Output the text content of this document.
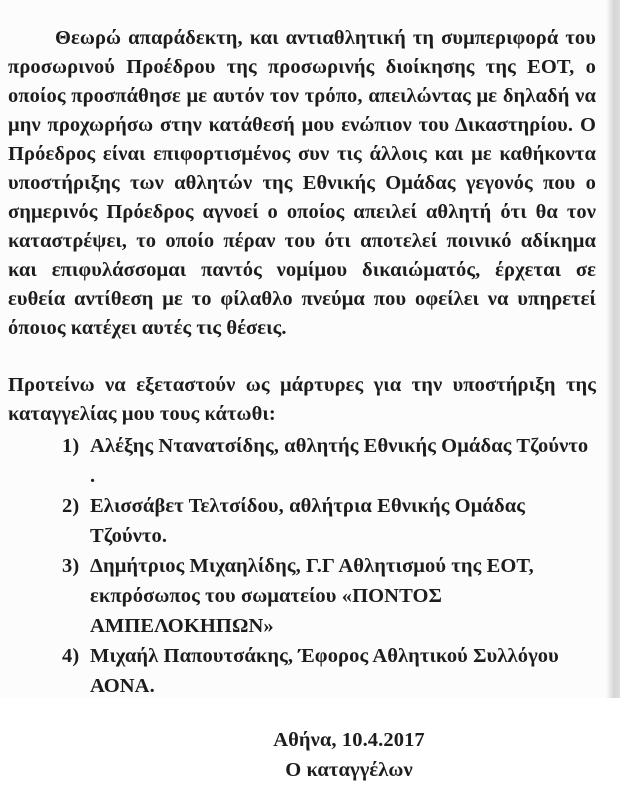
Θεωρώ απαράδεκτη, και αντιαθλητική τη συμπεριφορά του προσωρινού Προέδρου της προσωρινής διοίκησης της ΕΟΤ, ο οποίος προσπάθησε με αυτόν τον τρόπο, απειλώντας με δηλαδή να μην προχωρήσω στην κατάθεσή μου ενώπιον του Δικαστηρίου. Ο Πρόεδρος είναι επιφορτισμένος συν τις άλλοις και με καθήκοντα υποστήριξης των αθλητών της Εθνικής Ομάδας γεγονός που ο σημερινός Πρόεδρος αγνοεί ο οποίος απειλεί αθλητή ότι θα τον καταστρέψει, το οποίο πέραν του ότι αποτελεί ποινικό αδίκημα και επιφυλάσσομαι παντός νομίμου δικαιώματός, έρχεται σε ευθεία αντίθεση με το φίλαθλο πνεύμα που οφείλει να υπηρετεί όποιος κατέχει αυτές τις θέσεις.

Προτείνω να εξεταστούν ως μάρτυρες για την υποστήριξη της καταγγελίας μου τους κάτωθι:

1) Αλέξης Ντανατσίδης, αθλητής Εθνικής Ομάδας Τζούντο .
2) Ελισσάβετ Τελτσίδου, αθλήτρια Εθνικής Ομάδας Τζούντο.
3) Δημήτριος Μιχαηλίδης, Γ.Γ Αθλητισμού της ΕΟΤ, εκπρόσωπος του σωματείου «ΠΟΝΤΟΣ ΑΜΠΕΛΟΚΗΠΩΝ»
4) Μιχαήλ Παπουτσάκης, Έφορος Αθλητικού Συλλόγου ΑΟΝΑ.
Αθήνα, 10.4.2017
Ο καταγγέλων
